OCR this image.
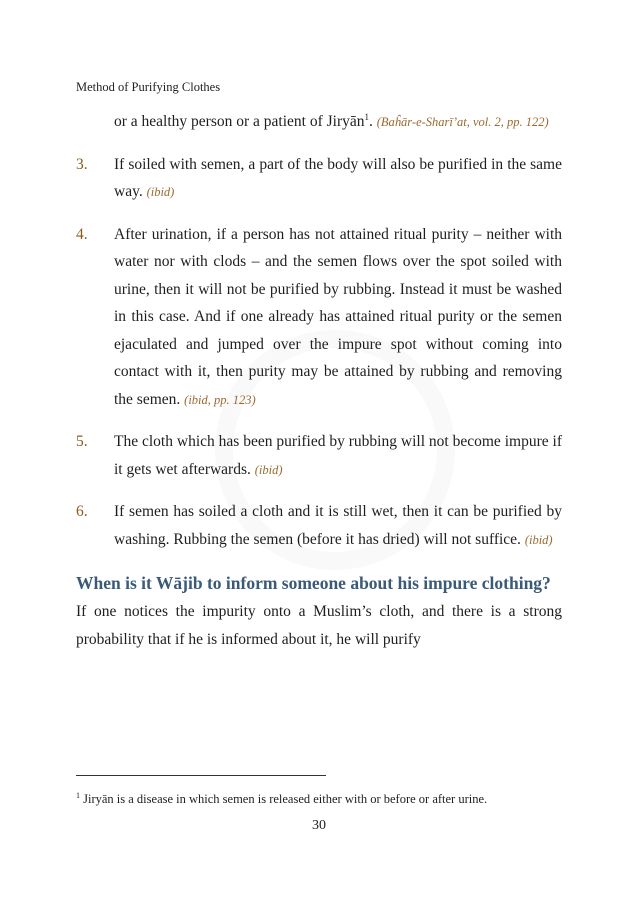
Method of Purifying Clothes
or a healthy person or a patient of Jiryān$^1$. (Baĥār-e-Sharī’at, vol. 2, pp. 122)
3.	If soiled with semen, a part of the body will also be purified in the same way. (ibid)
4.	After urination, if a person has not attained ritual purity – neither with water nor with clods – and the semen flows over the spot soiled with urine, then it will not be purified by rubbing. Instead it must be washed in this case. And if one already has attained ritual purity or the semen ejaculated and jumped over the impure spot without coming into contact with it, then purity may be attained by rubbing and removing the semen. (ibid, pp. 123)
5.	The cloth which has been purified by rubbing will not become impure if it gets wet afterwards. (ibid)
6.	If semen has soiled a cloth and it is still wet, then it can be purified by washing. Rubbing the semen (before it has dried) will not suffice. (ibid)
When is it Wājib to inform someone about his impure clothing?
If one notices the impurity onto a Muslim’s cloth, and there is a strong probability that if he is informed about it, he will purify
$^1$ Jiryān is a disease in which semen is released either with or before or after urine.
30
